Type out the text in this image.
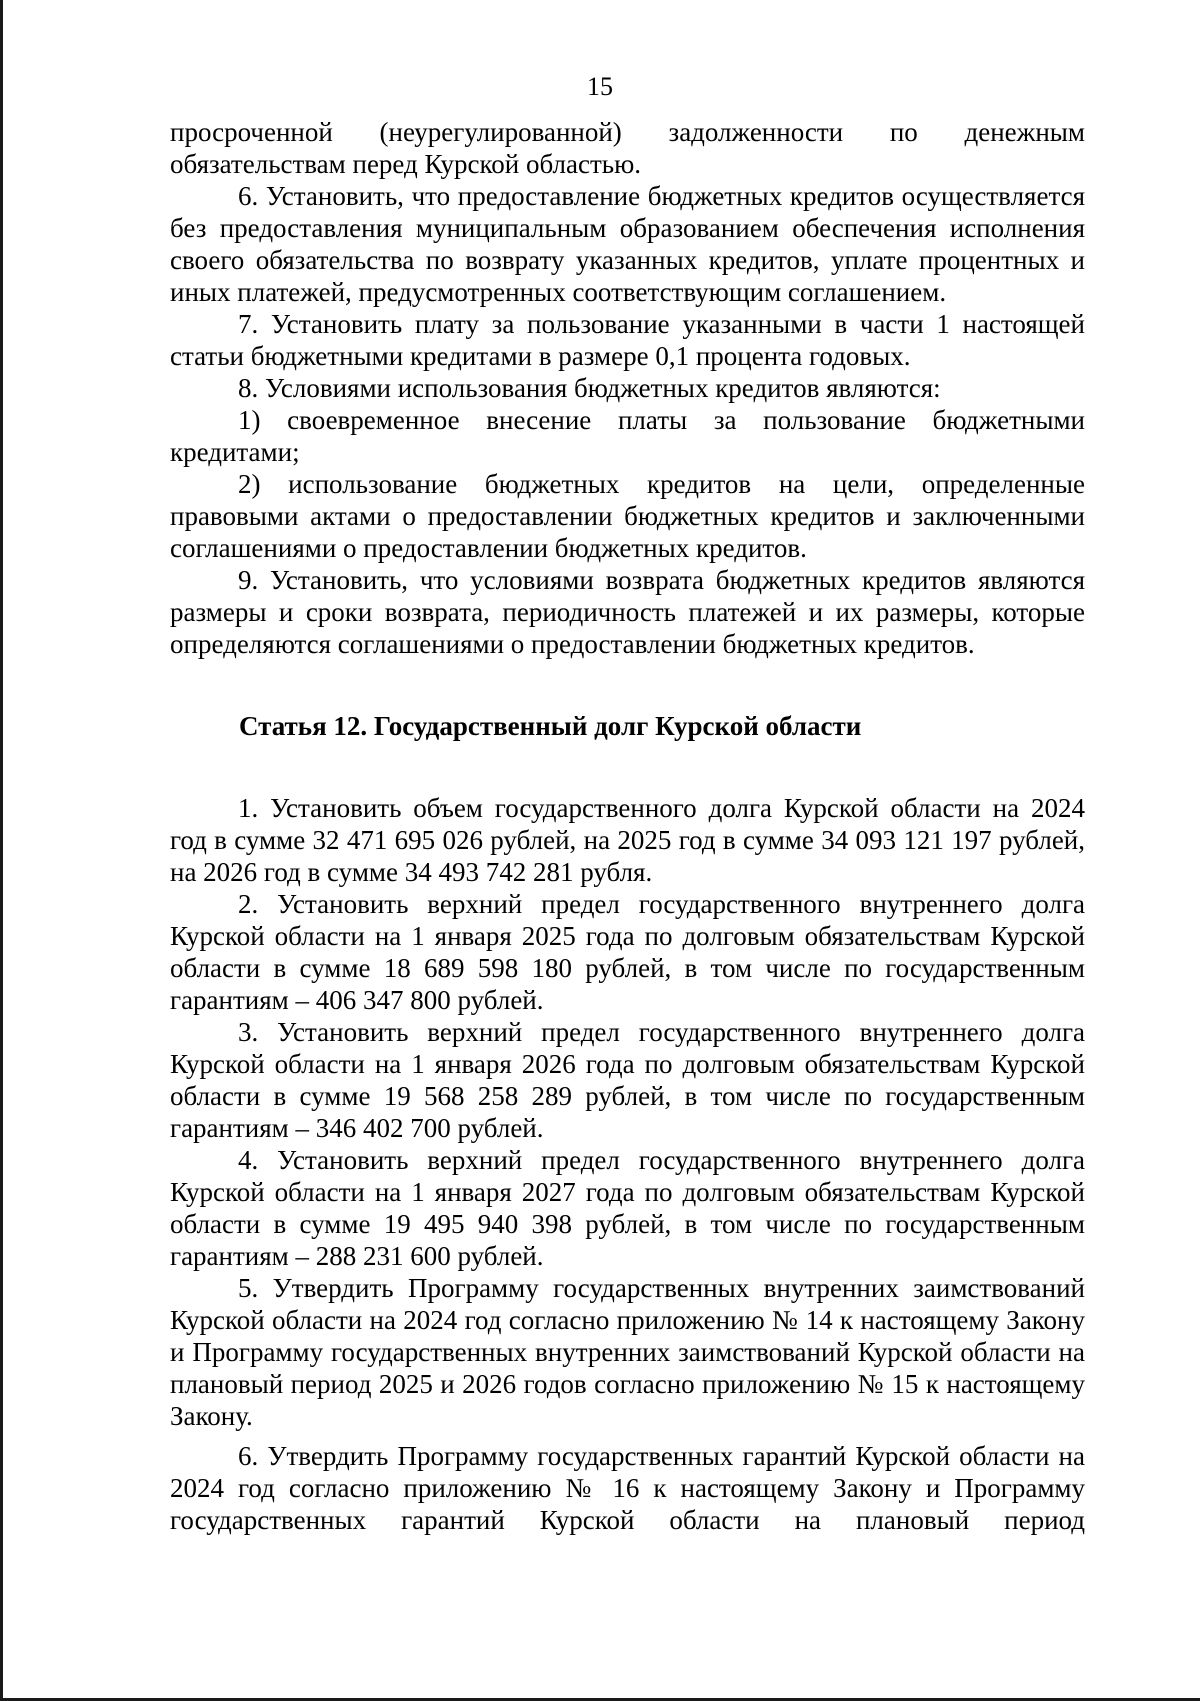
15

просроченной (неурегулированной) задолженности по денежным обязательствам перед Курской областью.

6. Установить, что предоставление бюджетных кредитов осуществляется без предоставления муниципальным образованием обеспечения исполнения своего обязательства по возврату указанных кредитов, уплате процентных и иных платежей, предусмотренных соответствующим соглашением.

7. Установить плату за пользование указанными в части 1 настоящей статьи бюджетными кредитами в размере 0,1 процента годовых.

8. Условиями использования бюджетных кредитов являются:

1) своевременное внесение платы за пользование бюджетными кредитами;

2) использование бюджетных кредитов на цели, определенные правовыми актами о предоставлении бюджетных кредитов и заключенными соглашениями о предоставлении бюджетных кредитов.

9. Установить, что условиями возврата бюджетных кредитов являются размеры и сроки возврата, периодичность платежей и их размеры, которые определяются соглашениями о предоставлении бюджетных кредитов.

Статья 12. Государственный долг Курской области

1. Установить объем государственного долга Курской области на 2024 год в сумме 32 471 695 026 рублей, на 2025 год в сумме 34 093 121 197 рублей, на 2026 год в сумме 34 493 742 281 рубля.

2. Установить верхний предел государственного внутреннего долга Курской области на 1 января 2025 года по долговым обязательствам Курской области в сумме 18 689 598 180 рублей, в том числе по государственным гарантиям – 406 347 800 рублей.

3. Установить верхний предел государственного внутреннего долга Курской области на 1 января 2026 года по долговым обязательствам Курской области в сумме 19 568 258 289 рублей, в том числе по государственным гарантиям – 346 402 700 рублей.

4. Установить верхний предел государственного внутреннего долга Курской области на 1 января 2027 года по долговым обязательствам Курской области в сумме 19 495 940 398 рублей, в том числе по государственным гарантиям – 288 231 600 рублей.

5. Утвердить Программу государственных внутренних заимствований Курской области на 2024 год согласно приложению № 14 к настоящему Закону и Программу государственных внутренних заимствований Курской области на плановый период 2025 и 2026 годов согласно приложению № 15 к настоящему Закону.

6. Утвердить Программу государственных гарантий Курской области на 2024 год согласно приложению № 16 к настоящему Закону и Программу государственных гарантий Курской области на плановый период
